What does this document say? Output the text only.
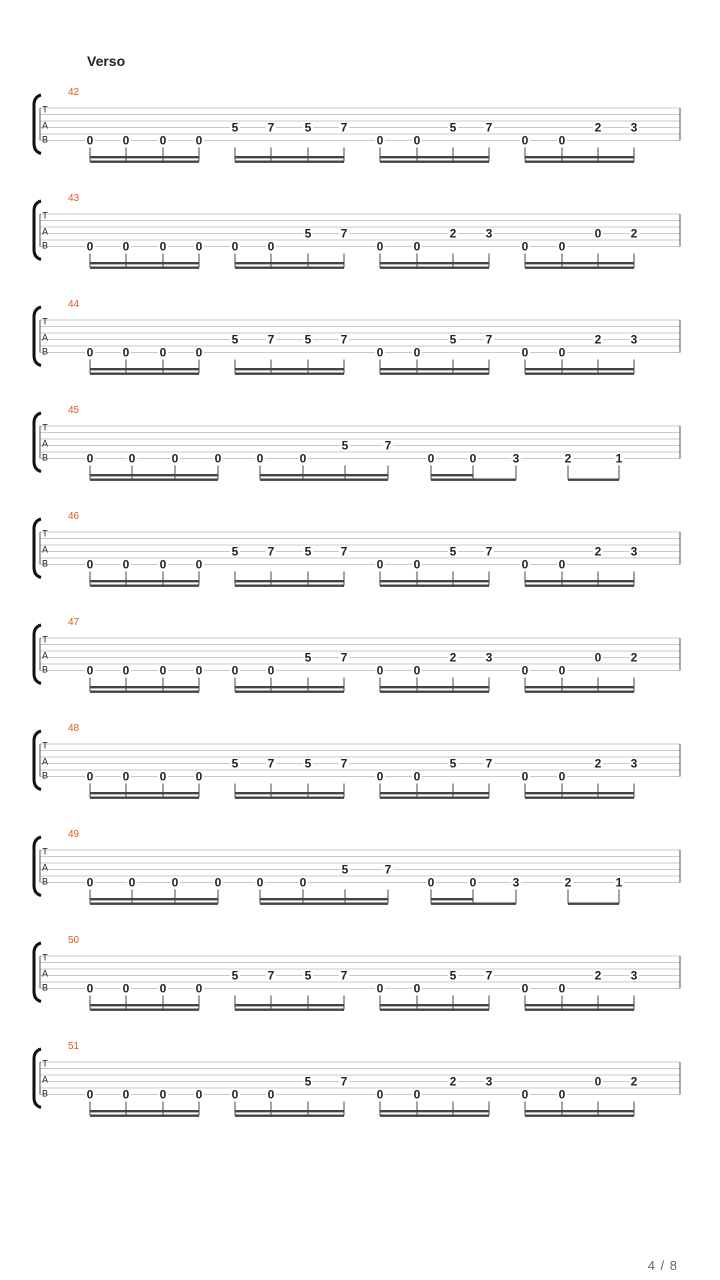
Verso
T
A
B
42
0 0	0 0
5 7	5 7
0	0
5 7
0	0
2 3
T
A
B
43
0 0	0 0 0 0
5 7
0	0
2 3
0	0
0 2
T
A
B
44
0 0	0 0
5 7	5 7
0	0
5 7
0	0
2 3
T
A
B
45
0	0	0	0	0	0
5	7
0	0	3	2	1
T
A
B
46
0 0	0 0
5 7	5 7
0	0
5 7
0	0
2 3
T
A
B
47
0 0	0 0 0 0
5 7
0	0
2 3
0	0
0 2
T
A
B
48
0 0	0 0
5 7	5 7
0	0
5 7
0	0
2 3
T
A
B
49
0	0	0	0	0	0
5	7
0	0	3	2	1
T
A
B
50
0 0	0 0
5 7	5 7
0	0
5 7
0	0
2 3
T
A
B
51
0 0	0 0 0 0
5 7
0	0
2 3
0	0
0 2
4 / 8
